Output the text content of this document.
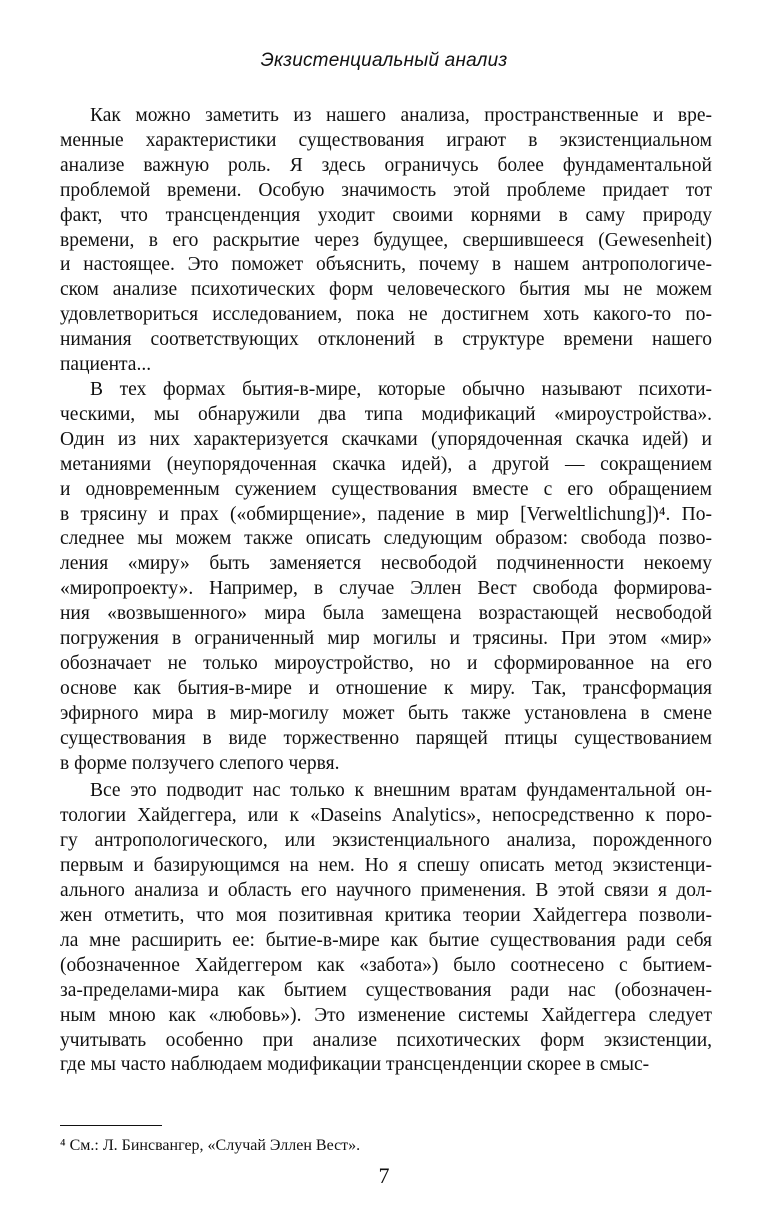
Экзистенциальный анализ
Как можно заметить из нашего анализа, пространственные и вре-
менные характеристики существования играют в экзистенциальном
анализе важную роль. Я здесь ограничусь более фундаментальной
проблемой времени. Особую значимость этой проблеме придает тот
факт, что трансценденция уходит своими корнями в саму природу
времени, в его раскрытие через будущее, свершившееся (Gewesenheit)
и настоящее. Это поможет объяснить, почему в нашем антропологиче-
ском анализе психотических форм человеческого бытия мы не можем
удовлетвориться исследованием, пока не достигнем хоть какого-то по-
нимания соответствующих отклонений в структуре времени нашего
пациента...
В тех формах бытия-в-мире, которые обычно называют психоти-
ческими, мы обнаружили два типа модификаций «мироустройства».
Один из них характеризуется скачками (упорядоченная скачка идей) и
метаниями (неупорядоченная скачка идей), а другой — сокращением
и одновременным сужением существования вместе с его обращением
в трясину и прах («обмирщение», падение в мир [Verweltlichung])⁴. По-
следнее мы можем также описать следующим образом: свобода позво-
ления «миру» быть заменяется несвободой подчиненности некоему
«миропроекту». Например, в случае Эллен Вест свобода формирова-
ния «возвышенного» мира была замещена возрастающей несвободой
погружения в ограниченный мир могилы и трясины. При этом «мир»
обозначает не только мироустройство, но и сформированное на его
основе как бытия-в-мире и отношение к миру. Так, трансформация
эфирного мира в мир-могилу может быть также установлена в смене
существования в виде торжественно парящей птицы существованием
в форме ползучего слепого червя.
Все это подводит нас только к внешним вратам фундаментальной он-
тологии Хайдеггера, или к «Daseins Analytics», непосредственно к поро-
гу антропологического, или экзистенциального анализа, порожденного
первым и базирующимся на нем. Но я спешу описать метод экзистенци-
ального анализа и область его научного применения. В этой связи я дол-
жен отметить, что моя позитивная критика теории Хайдеггера позволи-
ла мне расширить ее: бытие-в-мире как бытие существования ради себя
(обозначенное Хайдеггером как «забота») было соотнесено с бытием-
за-пределами-мира как бытием существования ради нас (обозначен-
ным мною как «любовь»). Это изменение системы Хайдеггера следует
учитывать особенно при анализе психотических форм экзистенции,
где мы часто наблюдаем модификации трансценденции скорее в смыс-
⁴ См.: Л. Бинсвангер, «Случай Эллен Вест».
7
